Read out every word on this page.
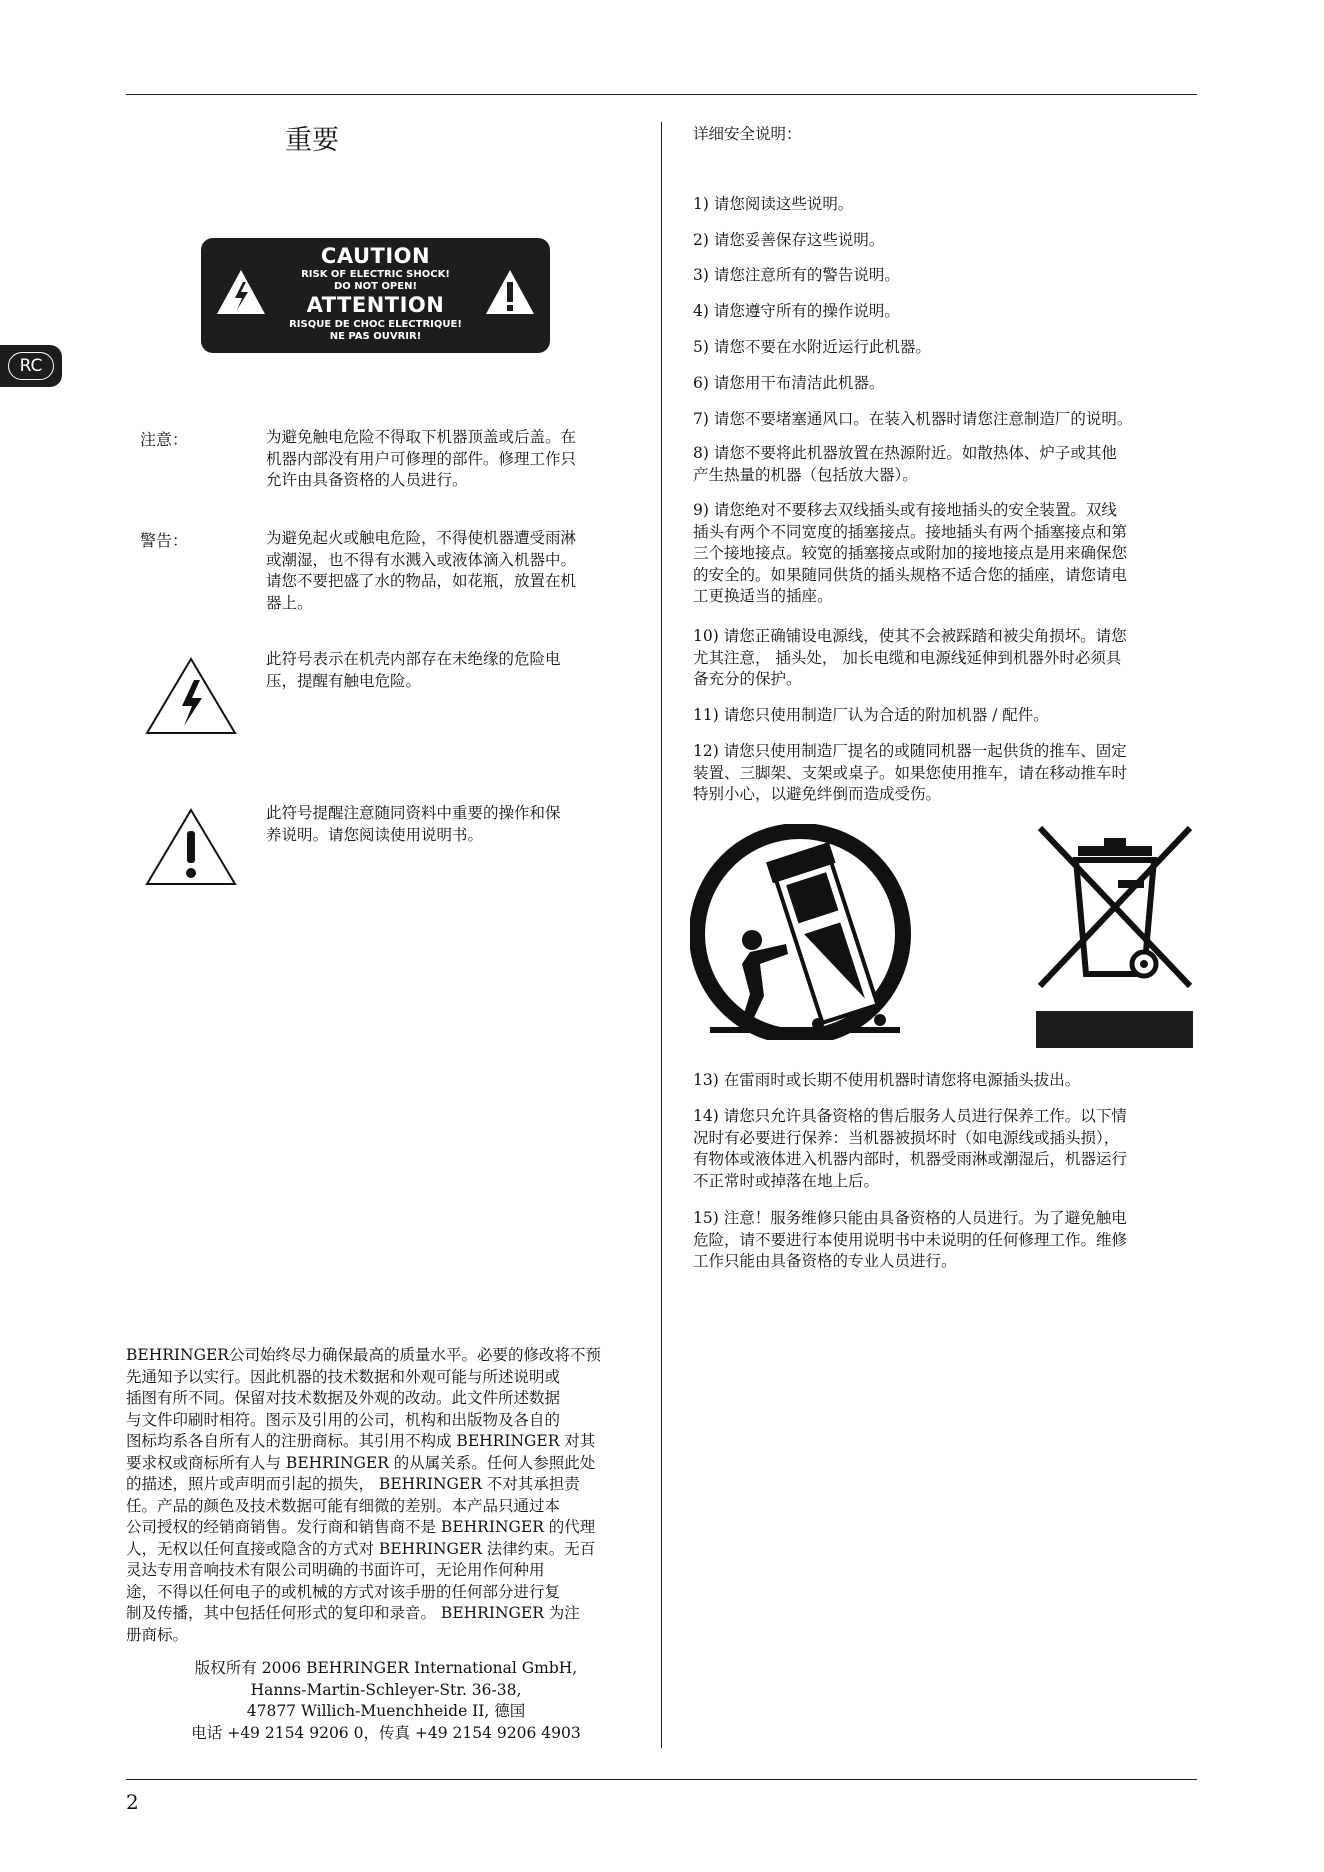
RC
重要
CAUTION
RISK OF ELECTRIC SHOCK!
DO NOT OPEN!
ATTENTION
RISQUE DE CHOC ELECTRIQUE!
NE PAS OUVRIR!
注意：	为避免触电危险不得取下机器顶盖或后盖。在
机器内部没有用户可修理的部件。修理工作只
允许由具备资格的人员进行。
警告：	为避免起火或触电危险，不得使机器遭受雨淋
或潮湿，也不得有水溅入或液体滴入机器中。
请您不要把盛了水的物品，如花瓶，放置在机
器上。
此符号表示在机壳内部存在未绝缘的危险电
压，提醒有触电危险。
此符号提醒注意随同资料中重要的操作和保
养说明。请您阅读使用说明书。
BEHRINGER公司始终尽力确保最高的质量水平。必要的修改将不预
先通知予以实行。因此机器的技术数据和外观可能与所述说明或
插图有所不同。保留对技术数据及外观的改动。此文件所述数据
与文件印刷时相符。图示及引用的公司，机构和出版物及各自的
图标均系各自所有人的注册商标。其引用不构成 BEHRINGER 对其
要求权或商标所有人与 BEHRINGER 的从属关系。任何人参照此处
的描述，照片或声明而引起的损失， BEHRINGER 不对其承担责
任。产品的颜色及技术数据可能有细微的差别。本产品只通过本
公司授权的经销商销售。发行商和销售商不是 BEHRINGER 的代理
人，无权以任何直接或隐含的方式对 BEHRINGER 法律约束。无百
灵达专用音响技术有限公司明确的书面许可，无论用作何种用
途，不得以任何电子的或机械的方式对该手册的任何部分进行复
制及传播，其中包括任何形式的复印和录音。 BEHRINGER 为注
册商标。
版权所有 2006 BEHRINGER International GmbH,
Hanns-Martin-Schleyer-Str. 36-38,
47877 Willich-Muenchheide II, 德国
电话 +49 2154 9206 0，传真 +49 2154 9206 4903
详细安全说明：
1) 请您阅读这些说明。
2) 请您妥善保存这些说明。
3) 请您注意所有的警告说明。
4) 请您遵守所有的操作说明。
5) 请您不要在水附近运行此机器。
6) 请您用干布清洁此机器。
7) 请您不要堵塞通风口。在装入机器时请您注意制造厂的说明。
8) 请您不要将此机器放置在热源附近。如散热体、炉子或其他
产生热量的机器（包括放大器）。
9) 请您绝对不要移去双线插头或有接地插头的安全装置。双线
插头有两个不同宽度的插塞接点。接地插头有两个插塞接点和第
三个接地接点。较宽的插塞接点或附加的接地接点是用来确保您
的安全的。如果随同供货的插头规格不适合您的插座，请您请电
工更换适当的插座。
10) 请您正确铺设电源线，使其不会被踩踏和被尖角损坏。请您
尤其注意， 插头处， 加长电缆和电源线延伸到机器外时必须具
备充分的保护。
11) 请您只使用制造厂认为合适的附加机器 / 配件。
12) 请您只使用制造厂提名的或随同机器一起供货的推车、固定
装置、三脚架、支架或桌子。如果您使用推车，请在移动推车时
特别小心，以避免绊倒而造成受伤。
13) 在雷雨时或长期不使用机器时请您将电源插头拔出。
14) 请您只允许具备资格的售后服务人员进行保养工作。以下情
况时有必要进行保养：当机器被损坏时（如电源线或插头损），
有物体或液体进入机器内部时，机器受雨淋或潮湿后，机器运行
不正常时或掉落在地上后。
15) 注意！服务维修只能由具备资格的人员进行。为了避免触电
危险，请不要进行本使用说明书中未说明的任何修理工作。维修
工作只能由具备资格的专业人员进行。
2
